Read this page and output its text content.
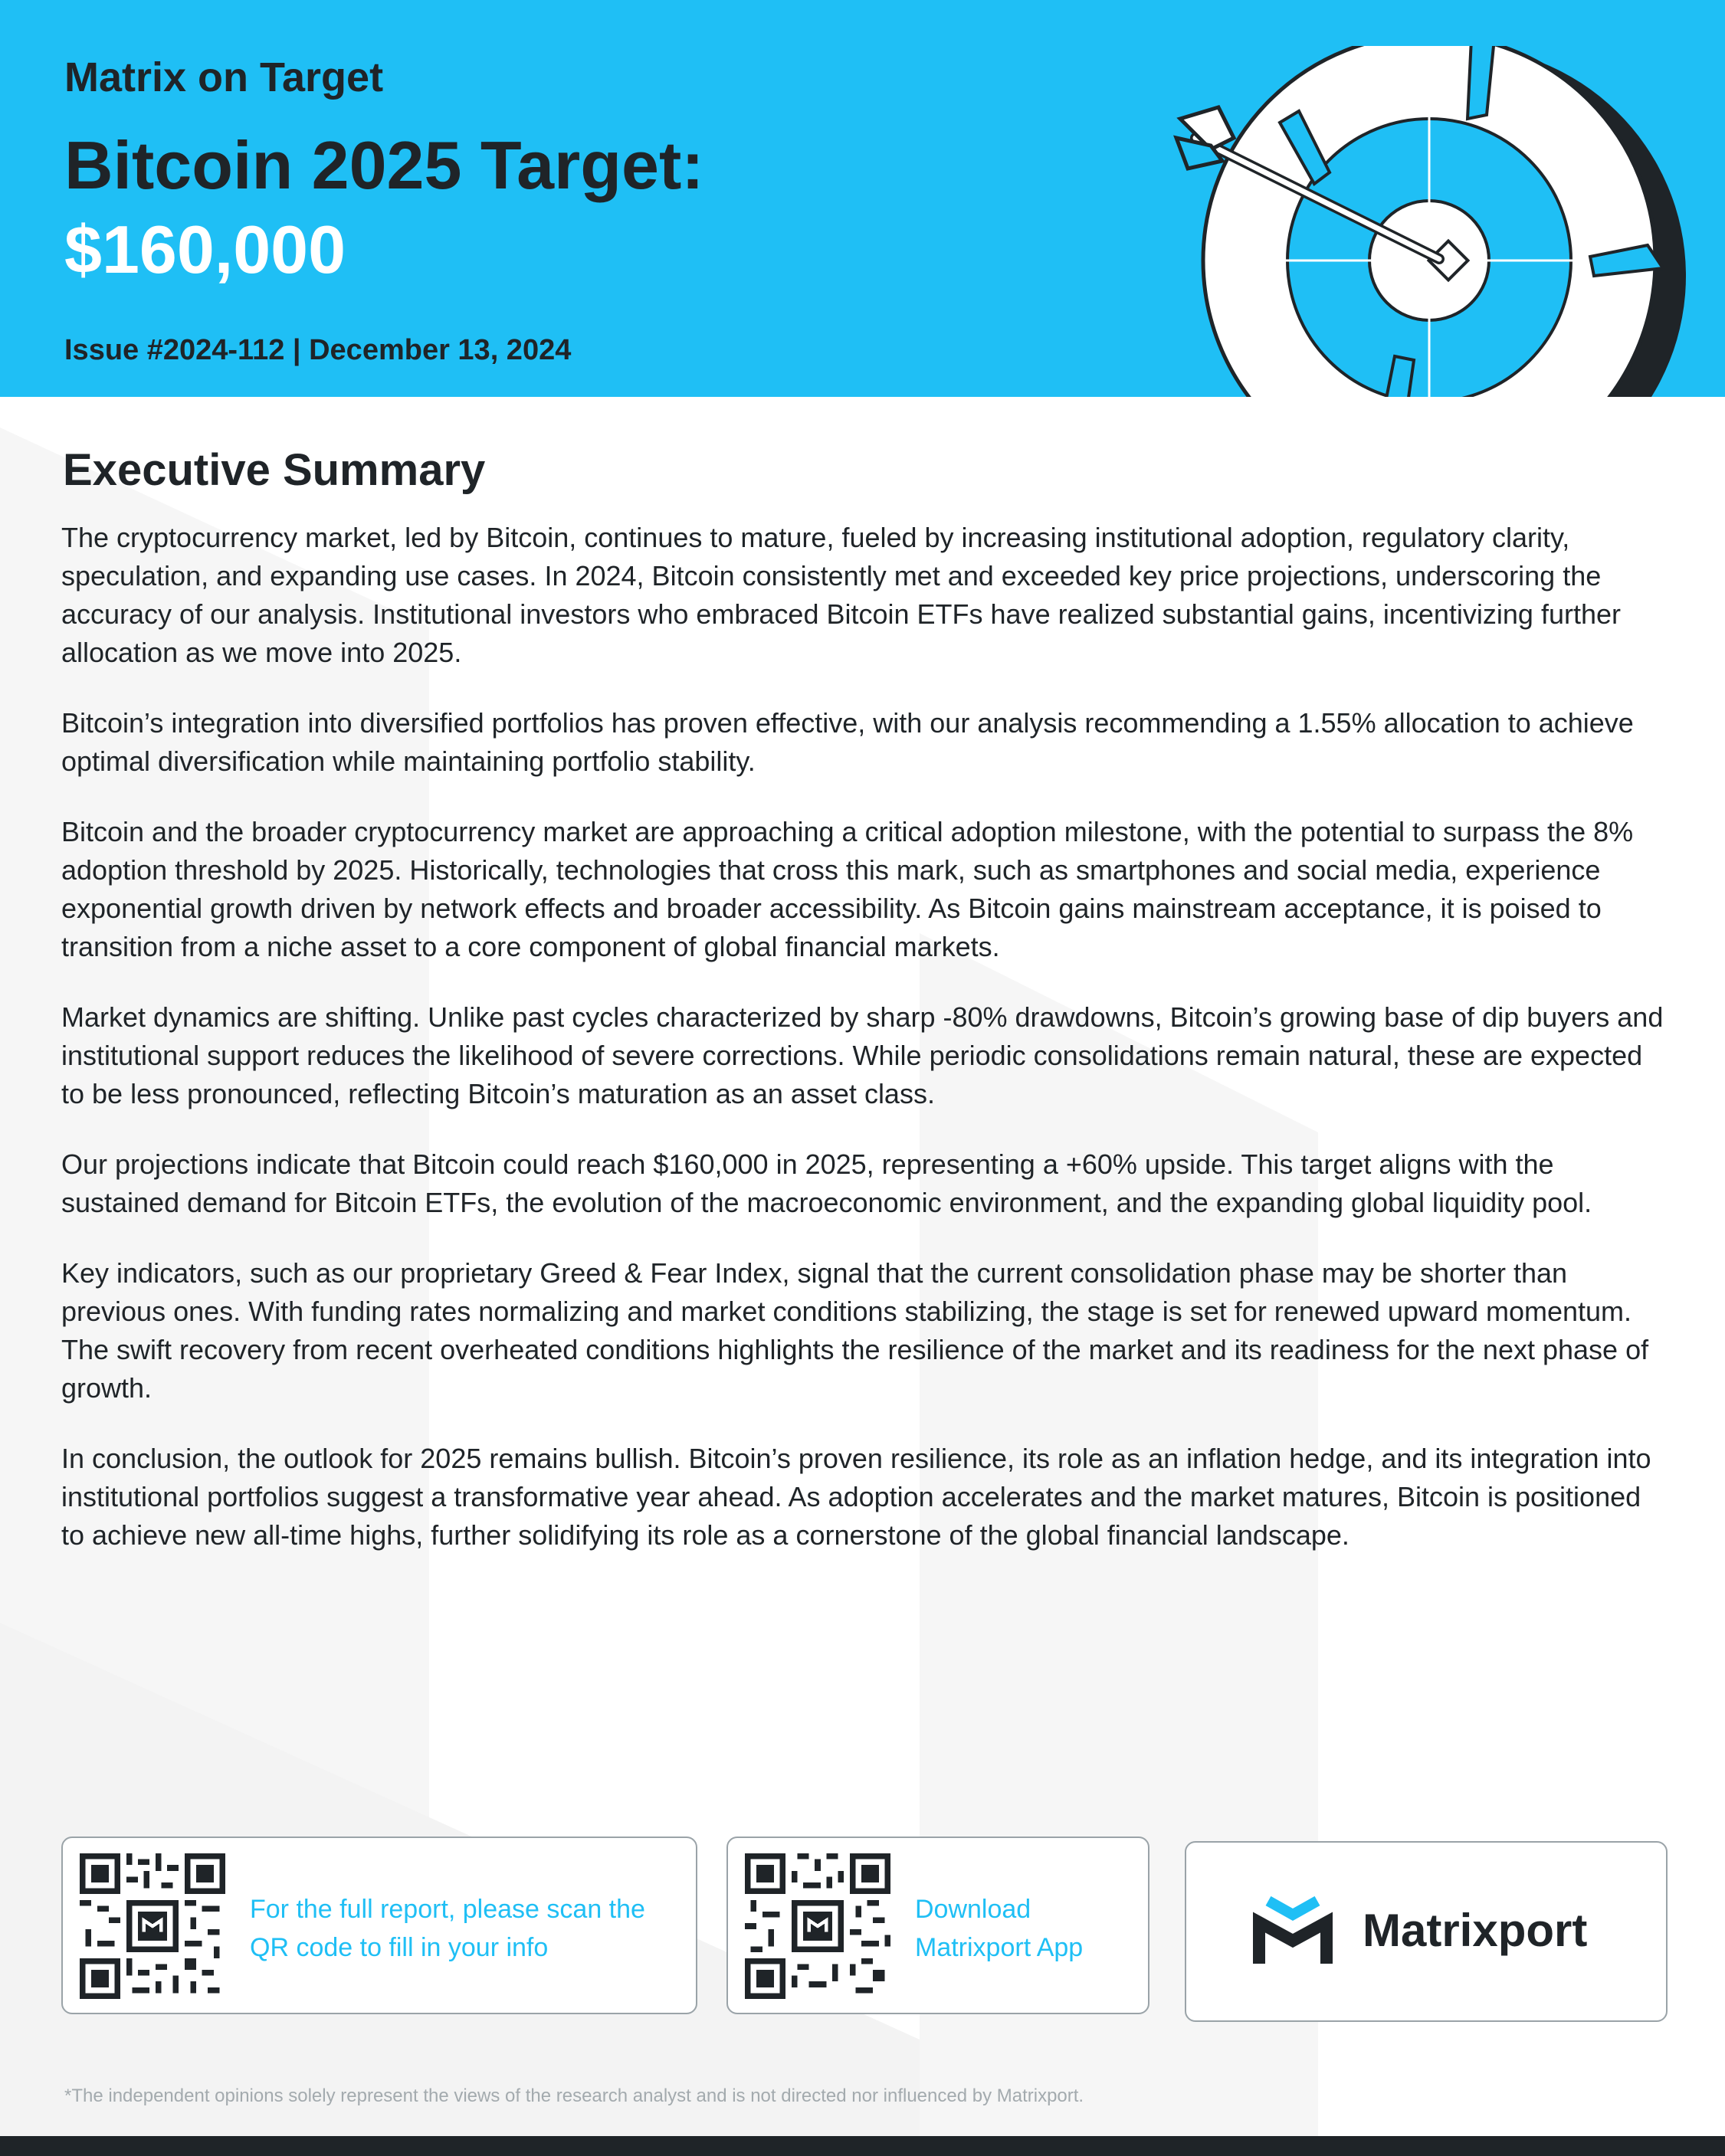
Matrix on Target
Bitcoin 2025 Target:
$160,000
Issue #2024-112 | December 13, 2024
Executive Summary

The cryptocurrency market, led by Bitcoin, continues to mature, fueled by increasing institutional adoption, regulatory clarity, speculation, and expanding use cases. In 2024, Bitcoin consistently met and exceeded key price projections, underscoring the accuracy of our analysis. Institutional investors who embraced Bitcoin ETFs have realized substantial gains, incentivizing further allocation as we move into 2025.

Bitcoin’s integration into diversified portfolios has proven effective, with our analysis recommending a 1.55% allocation to achieve optimal diversification while maintaining portfolio stability.

Bitcoin and the broader cryptocurrency market are approaching a critical adoption milestone, with the potential to surpass the 8% adoption threshold by 2025. Historically, technologies that cross this mark, such as smartphones and social media, experience exponential growth driven by network effects and broader accessibility. As Bitcoin gains mainstream acceptance, it is poised to transition from a niche asset to a core component of global financial markets.

Market dynamics are shifting. Unlike past cycles characterized by sharp -80% drawdowns, Bitcoin’s growing base of dip buyers and institutional support reduces the likelihood of severe corrections. While periodic consolidations remain natural, these are expected to be less pronounced, reflecting Bitcoin’s maturation as an asset class.

Our projections indicate that Bitcoin could reach $160,000 in 2025, representing a +60% upside. This target aligns with the sustained demand for Bitcoin ETFs, the evolution of the macroeconomic environment, and the expanding global liquidity pool.

Key indicators, such as our proprietary Greed & Fear Index, signal that the current consolidation phase may be shorter than previous ones. With funding rates normalizing and market conditions stabilizing, the stage is set for renewed upward momentum. The swift recovery from recent overheated conditions highlights the resilience of the market and its readiness for the next phase of growth.

In conclusion, the outlook for 2025 remains bullish. Bitcoin’s proven resilience, its role as an inflation hedge, and its integration into institutional portfolios suggest a transformative year ahead. As adoption accelerates and the market matures, Bitcoin is positioned to achieve new all-time highs, further solidifying its role as a cornerstone of the global financial landscape.

For the full report, please scan the
QR code to fill in your info
Download
Matrixport App	Matrixport
*The independent opinions solely represent the views of the research analyst and is not directed nor influenced by Matrixport.
